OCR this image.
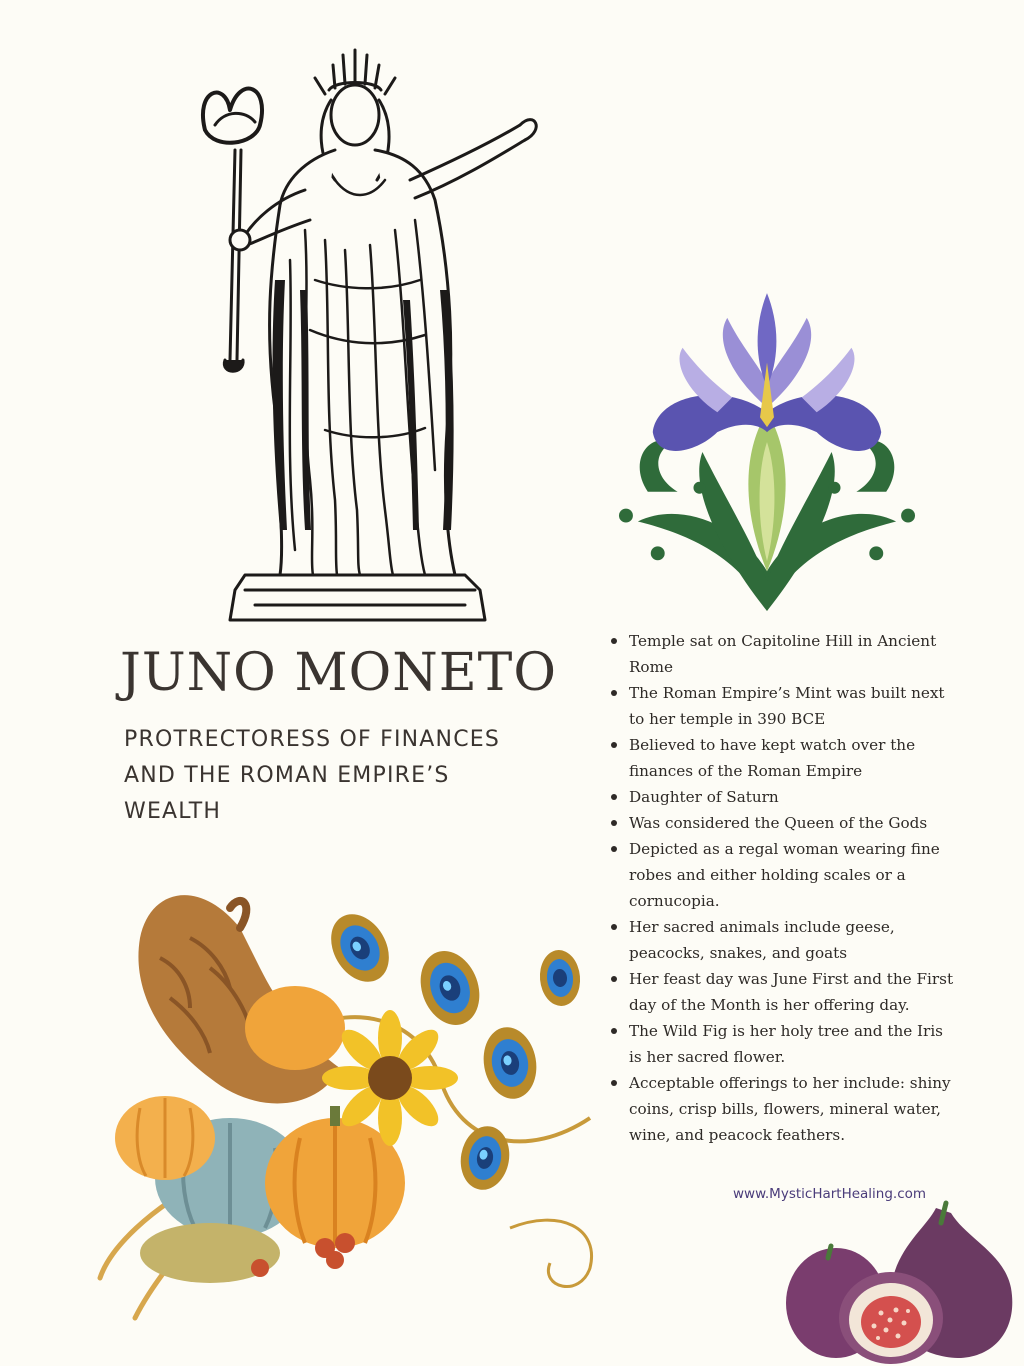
JUNO MONETO

PROTRECTORESS OF FINANCES AND THE ROMAN EMPIRE’S WEALTH

Temple sat on Capitoline Hill in Ancient Rome
The Roman Empire’s Mint was built next to her temple in 390 BCE
Believed to have kept watch over the finances of the Roman Empire
Daughter of Saturn
Was considered the Queen of the Gods
Depicted as a regal woman wearing fine robes and either holding scales or a cornucopia.
Her sacred animals include geese, peacocks, snakes, and goats
Her feast day was June First and the First day of the Month is her offering day.
The Wild Fig is her holy tree and the Iris is her sacred flower.
Acceptable offerings to her include: shiny coins, crisp bills, flowers, mineral water, wine, and peacock feathers.
www.MysticHartHealing.com
